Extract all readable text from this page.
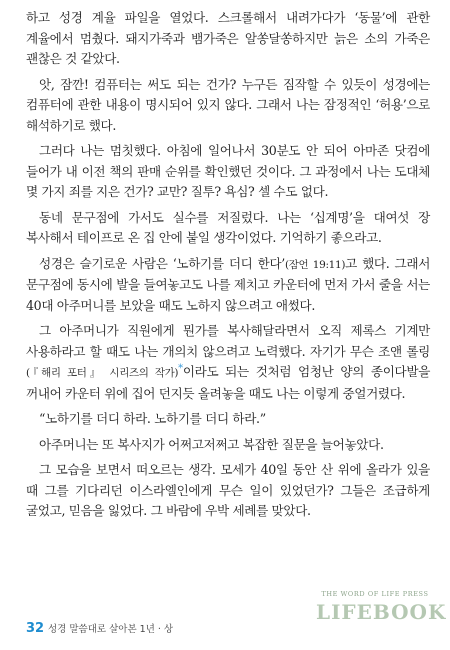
하고 성경 계율 파일을 열었다. 스크롤해서 내려가다가 ‘동물’에 관한 계율에서 멈췄다. 돼지가죽과 뱀가죽은 알쏭달쏭하지만 늙은 소의 가죽은 괜찮은 것 같았다.

앗, 잠깐! 컴퓨터는 써도 되는 건가? 누구든 짐작할 수 있듯이 성경에는 컴퓨터에 관한 내용이 명시되어 있지 않다. 그래서 나는 잠정적인 ‘허용’으로 해석하기로 했다.

그러다 나는 멈칫했다. 아침에 일어나서 30분도 안 되어 아마존 닷컴에 들어가 내 이전 책의 판매 순위를 확인했던 것이다. 그 과정에서 나는 도대체 몇 가지 죄를 지은 건가? 교만? 질투? 욕심? 셀 수도 없다.

동네 문구점에 가서도 실수를 저질렀다. 나는 ‘십계명’을 대여섯 장 복사해서 테이프로 온 집 안에 붙일 생각이었다. 기억하기 좋으라고.

성경은 슬기로운 사람은 ‘노하기를 더디 한다’(잠언 19:11)고 했다. 그래서 문구점에 동시에 발을 들여놓고도 나를 제치고 카운터에 먼저 가서 줄을 서는 40대 아주머니를 보았을 때도 노하지 않으려고 애썼다.

그 아주머니가 직원에게 뭔가를 복사해달라면서 오직 제록스 기계만 사용하라고 할 때도 나는 개의치 않으려고 노력했다. 자기가 무슨 조앤 롤링(『해리 포터』 시리즈의 작가)*이라도 되는 것처럼 엄청난 양의 종이다발을 꺼내어 카운터 위에 집어 던지듯 올려놓을 때도 나는 이렇게 중얼거렸다.

“노하기를 더디 하라. 노하기를 더디 하라.”

아주머니는 또 복사지가 어쩌고저쩌고 복잡한 질문을 늘어놓았다.

그 모습을 보면서 떠오르는 생각. 모세가 40일 동안 산 위에 올라가 있을 때 그를 기다리던 이스라엘인에게 무슨 일이 있었던가? 그들은 조급하게 굴었고, 믿음을 잃었다. 그 바람에 우박 세례를 맞았다.

32 성경 말씀대로 살아본 1년 · 상
THE WORD OF LIFE PRESS
LIFEBOOK
